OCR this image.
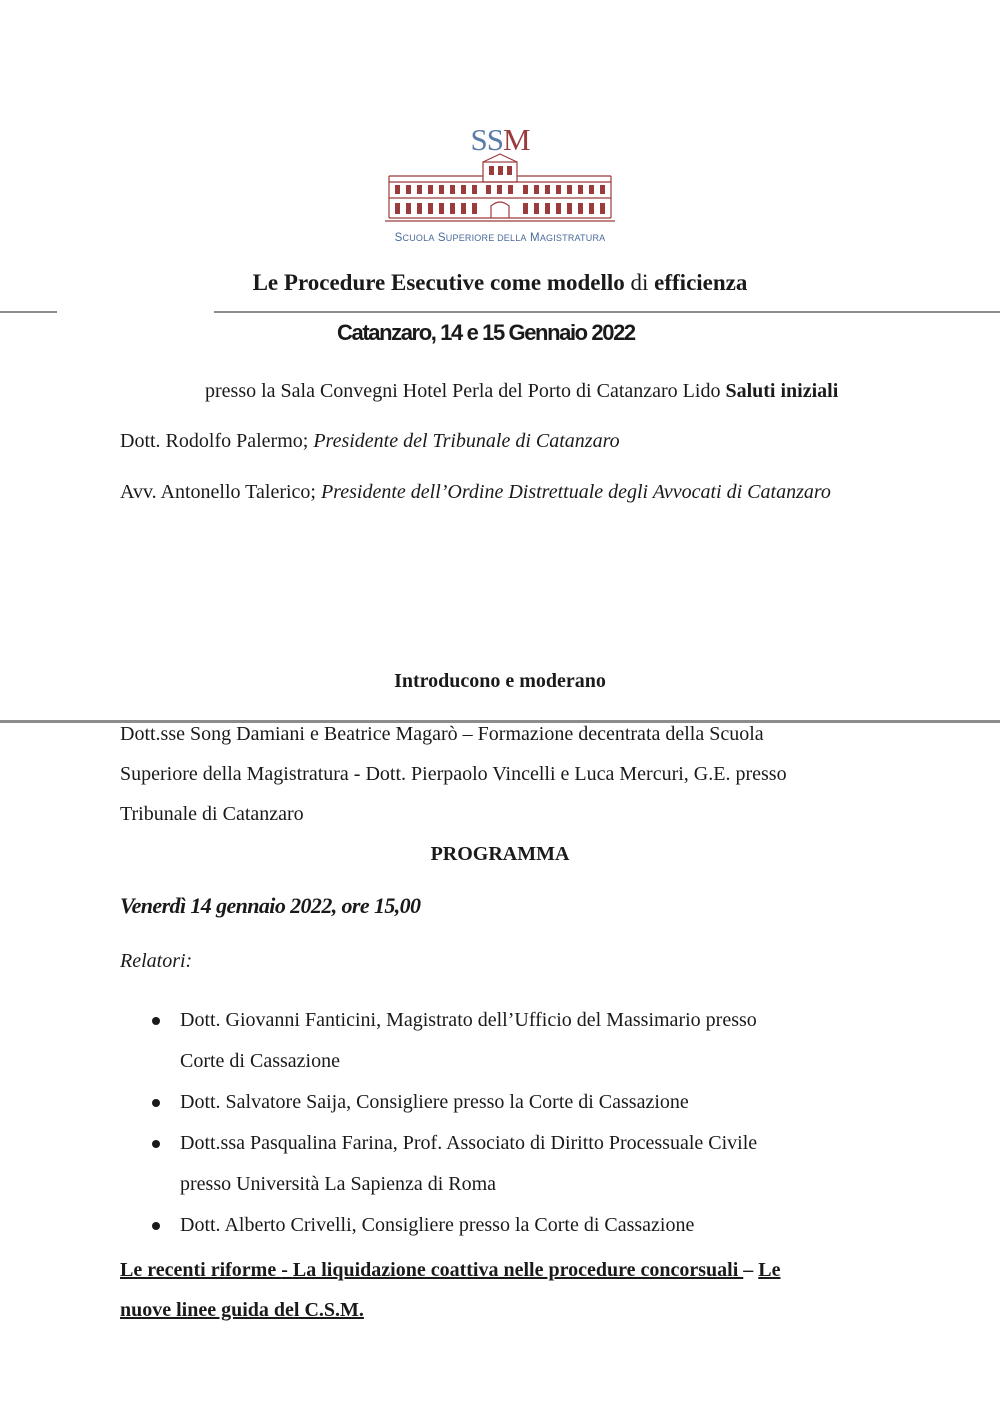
SSM
SCUOLA SUPERIORE DELLA MAGISTRATURA
Le Procedure Esecutive come modello di efficienza
Catanzaro, 14 e 15 Gennaio 2022
presso la Sala Convegni Hotel Perla del Porto di Catanzaro Lido Saluti iniziali
Dott. Rodolfo Palermo; Presidente del Tribunale di Catanzaro
Avv. Antonello Talerico; Presidente dell’Ordine Distrettuale degli Avvocati di Catanzaro
Introducono e moderano
Dott.sse Song Damiani e Beatrice Magarò – Formazione decentrata della Scuola
Superiore della Magistratura - Dott. Pierpaolo Vincelli e Luca Mercuri, G.E. presso
Tribunale di Catanzaro
PROGRAMMA
Venerdì 14 gennaio 2022, ore 15,00
Relatori:
Dott. Giovanni Fanticini, Magistrato dell’Ufficio del Massimario presso
Corte di Cassazione
Dott. Salvatore Saija, Consigliere presso la Corte di Cassazione
Dott.ssa Pasqualina Farina, Prof. Associato di Diritto Processuale Civile
presso Università La Sapienza di Roma
Dott. Alberto Crivelli, Consigliere presso la Corte di Cassazione
Le recenti riforme - La liquidazione coattiva nelle procedure concorsuali – Le
nuove linee guida del C.S.M.
